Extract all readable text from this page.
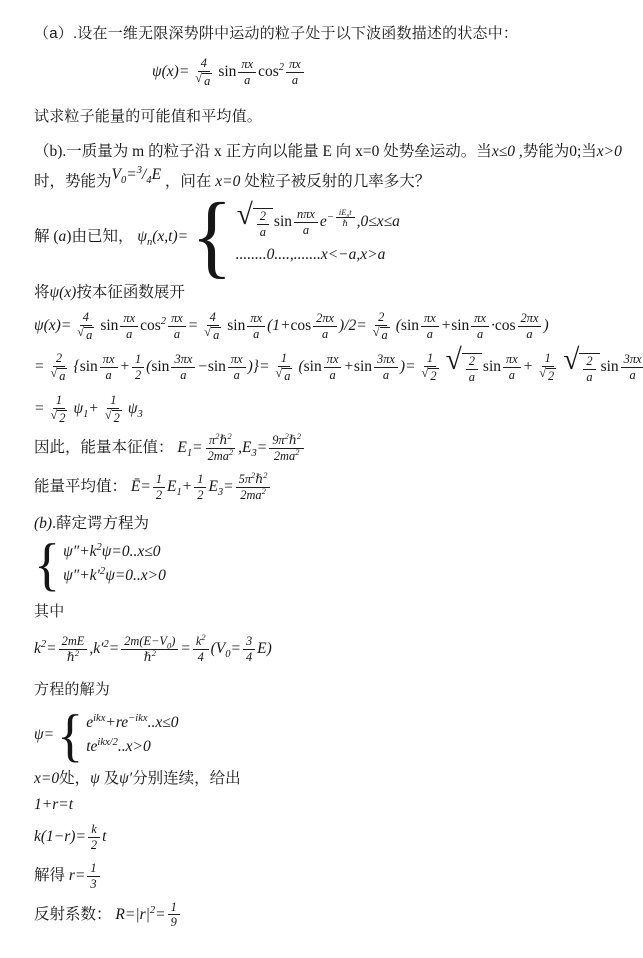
（a）.设在一维无限深势阱中运动的粒子处于以下波函数描述的状态中：
$\psi(x)= \frac{4}{√ a}$ $\sin \frac{\pi x}{a} \cos^2 \frac{\pi x}{a}$
试求粒子能量的可能值和平均值。
（b).一质量为 m 的粒子沿 x 正方向以能量 E 向 x=0 处势垒运动。当x≤0 ,势能为0;当x>0
时，势能为$V_0=^3/_4E$ ，问在 x=0 处粒子被反射的几率多大？
解 (a)由已知， $\psi_n(x,t)=$ { √ $\frac{2}{a}$ sin nπx
a $e^{- iE_nt \hbar}$ ,0≤x≤a
........0....,.......x<−a,x>a
将ψ(x)按本征函数展开
$\psi(x)= \frac{4}{√ a}$ $\sin \frac{\pi x}{a} \cos^2 \frac{\pi x}{a} = \frac{4}{√ a}$ $\sin \frac{\pi x}{a} (1+\cos \frac{2\pi x}{a} )/2= \frac{2}{√ a} (\sin \frac{\pi x}{a} +\sin \frac{\pi x}{a} \cdot\cos \frac{2\pi x}{a}$ )
= $\frac{2}{√ a} \{\sin \frac{\pi x}{a} + \frac{1}{2} (\sin \frac{3\pi x}{a} -\sin \frac{\pi x}{a}$ )}= $\frac{1}{√ a} (\sin \frac{\pi x}{a} +\sin \frac{3\pi x}{a}$ )= $\frac{1}{√ 2}$ √ $\frac{2}{a}$ $\sin \frac{\pi x}{a} + \frac{1}{√ 2}$ √ $\frac{2}{a}$ $\sin \frac{3\pi x}{a}$
= $\frac{1}{√ 2} \psi_1+ \frac{1}{√ 2} \psi_3$
因此，能量本征值： $E_1=$ $\pi^2\hbar^2$
$2ma^2$ $,E_3=$ $9\pi^2\hbar^2$
$2ma^2$
能量平均值： Ē= $\frac{1}{2} E_1+ \frac{1}{2} E_3=$ $5\pi^2\hbar^2$
$2ma^2$
(b).薛定谔方程为
{ $\psi''+k^2\psi=0..x\le 0$
$\psi''+k'^2\psi=0..x>0$
其中
$k^2= 2mE$
ℏ$^2$ $,k'^2= 2m(E-V_0)$
ℏ$^2$ = $\frac{k^2}{4} (V_0= \frac{3}{4} E)$
方程的解为
ψ= { $e^{ikx}+re^{-ikx}..x\le 0$
$te^{ikx/2}..x>0$
x=0处，ψ 及ψ′分别连续，给出
1+r=t
$k(1-r)= \frac{k}{2}$ t
解得 $r= \frac{1}{3}$
反射系数： $R=|r|^2= \frac{1}{9}$
